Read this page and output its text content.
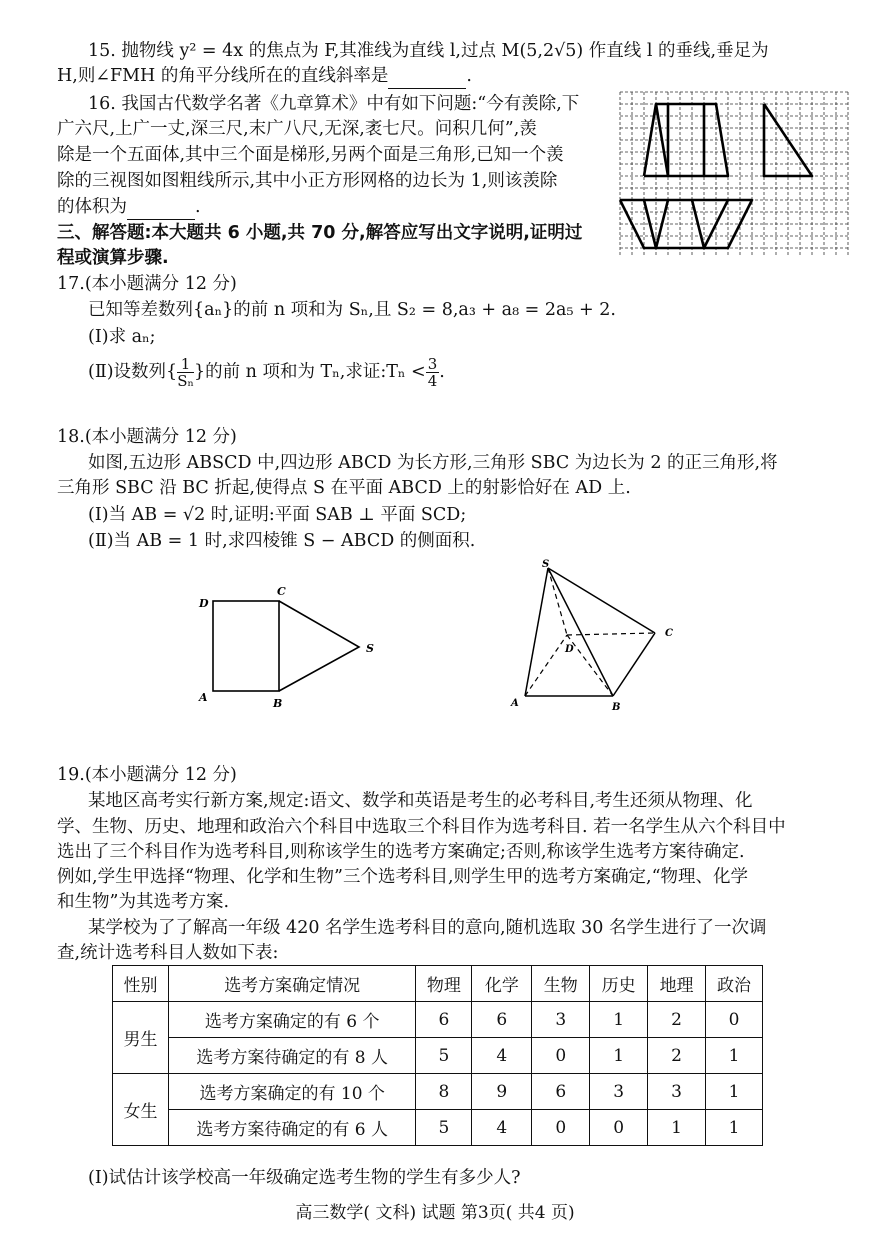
15. 抛物线 y² = 4x 的焦点为 F,其准线为直线 l,过点 M(5,2√5) 作直线 l 的垂线,垂足为
H,则∠FMH 的角平分线所在的直线斜率是	.
16. 我国古代数学名著《九章算术》中有如下问题:“今有羡除,下
广六尺,上广一丈,深三尺,末广八尺,无深,袤七尺。问积几何”,羡
除是一个五面体,其中三个面是梯形,另两个面是三角形,已知一个羡
除的三视图如图粗线所示,其中小正方形网格的边长为 1,则该羡除
的体积为	.
三、解答题:本大题共 6 小题,共 70 分,解答应写出文字说明,证明过
程或演算步骤.
17.(本小题满分 12 分)
已知等差数列{aₙ}的前 n 项和为 Sₙ,且 S₂ = 8,a₃ + a₈ = 2a₅ + 2.
(Ⅰ)求 aₙ;
(Ⅱ)设数列{ $\frac{1}{\text{Sₙ}}$ }的前 n 项和为 Tₙ,求证:Tₙ < $\frac{3}{4}$ .
18.(本小题满分 12 分)
如图,五边形 ABSCD 中,四边形 ABCD 为长方形,三角形 SBC 为边长为 2 的正三角形,将
三角形 SBC 沿 BC 折起,使得点 S 在平面 ABCD 上的射影恰好在 AD 上.
(Ⅰ)当 AB = √2 时,证明:平面 SAB ⊥ 平面 SCD;
(Ⅱ)当 AB = 1 时,求四棱锥 S − ABCD 的侧面积.
D
C
A	B
S
S
D
C
A	B
19.(本小题满分 12 分)
某地区高考实行新方案,规定:语文、数学和英语是考生的必考科目,考生还须从物理、化
学、生物、历史、地理和政治六个科目中选取三个科目作为选考科目. 若一名学生从六个科目中
选出了三个科目作为选考科目,则称该学生的选考方案确定;否则,称该学生选考方案待确定.
例如,学生甲选择“物理、化学和生物”三个选考科目,则学生甲的选考方案确定,“物理、化学
和生物”为其选考方案.
某学校为了了解高一年级 420 名学生选考科目的意向,随机选取 30 名学生进行了一次调
查,统计选考科目人数如下表:
性别	选考方案确定情况	物理	化学	生物	历史	地理	政治
男生	选考方案确定的有 6 个	6	6	3	1	2	0
	选考方案待确定的有 8 人	5	4	0	1	2	1
女生	选考方案确定的有 10 个	8	9	6	3	3	1
	选考方案待确定的有 6 人	5	4	0	0	1	1
(Ⅰ)试估计该学校高一年级确定选考生物的学生有多少人?
高三数学( 文科) 试题 第3页( 共4 页)
